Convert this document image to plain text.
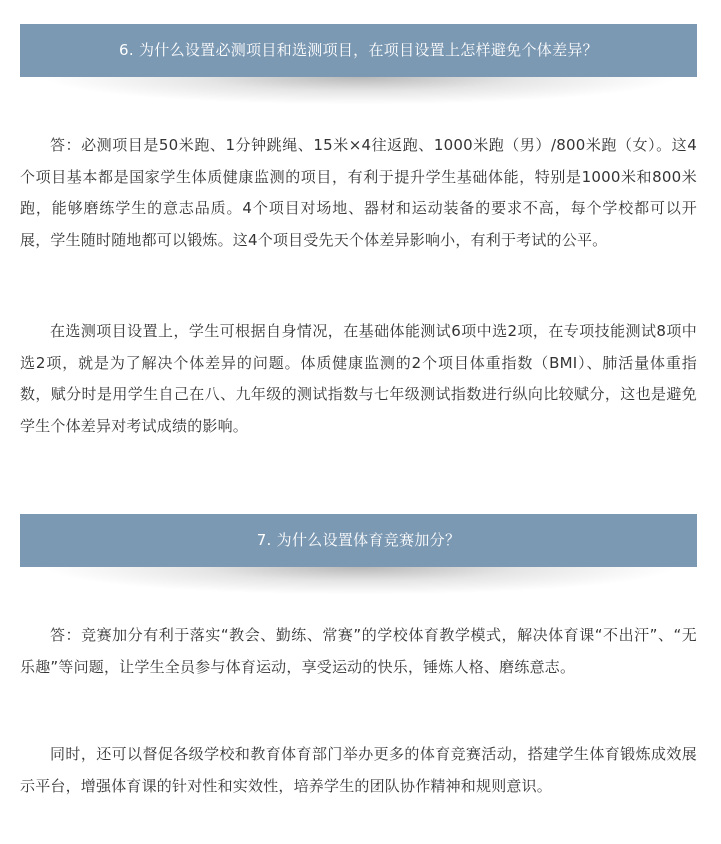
6. 为什么设置必测项目和选测项目，在项目设置上怎样避免个体差异？

答：必测项目是50米跑、1分钟跳绳、15米×4往返跑、1000米跑（男）/800米跑（女）。这4个项目基本都是国家学生体质健康监测的项目，有利于提升学生基础体能，特别是1000米和800米跑，能够磨练学生的意志品质。4个项目对场地、器材和运动装备的要求不高，每个学校都可以开展，学生随时随地都可以锻炼。这4个项目受先天个体差异影响小，有利于考试的公平。

在选测项目设置上，学生可根据自身情况，在基础体能测试6项中选2项，在专项技能测试8项中选2项，就是为了解决个体差异的问题。体质健康监测的2个项目体重指数（BMI）、肺活量体重指数，赋分时是用学生自己在八、九年级的测试指数与七年级测试指数进行纵向比较赋分，这也是避免学生个体差异对考试成绩的影响。

7. 为什么设置体育竞赛加分？

答：竞赛加分有利于落实“教会、勤练、常赛”的学校体育教学模式，解决体育课“不出汗”、“无乐趣”等问题，让学生全员参与体育运动，享受运动的快乐，锤炼人格、磨练意志。

同时，还可以督促各级学校和教育体育部门举办更多的体育竞赛活动，搭建学生体育锻炼成效展示平台，增强体育课的针对性和实效性，培养学生的团队协作精神和规则意识。
